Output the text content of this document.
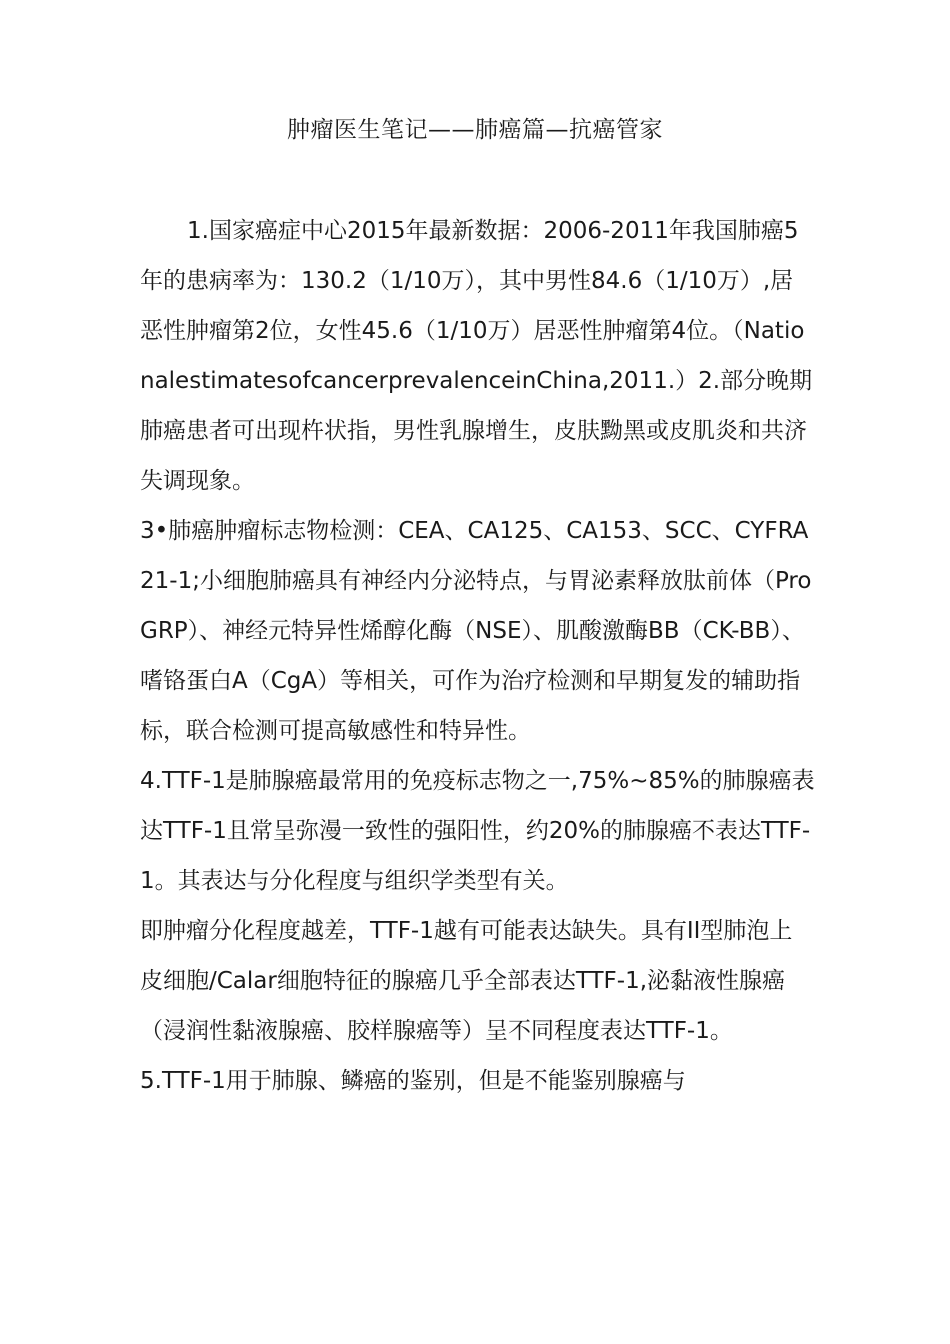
肿瘤医生笔记——肺癌篇—抗癌管家

1.国家癌症中心2015年最新数据：2006-2011年我国肺癌5年的患病率为：130.2（1/10万），其中男性84.6（1/10万）,居恶性肿瘤第2位，女性45.6（1/10万）居恶性肿瘤第4位。（NationalestimatesofcancerprevalenceinChina,2011.）2.部分晚期肺癌患者可出现杵状指，男性乳腺增生，皮肤黝黑或皮肌炎和共济失调现象。

3•肺癌肿瘤标志物检测：CEA、CA125、CA153、SCC、CYFRA21-1;小细胞肺癌具有神经内分泌特点，与胃泌素释放肽前体（ProGRP）、神经元特异性烯醇化酶（NSE）、肌酸激酶BB（CK-BB）、嗜铬蛋白A（CgA）等相关，可作为治疗检测和早期复发的辅助指标，联合检测可提高敏感性和特异性。

4.TTF-1是肺腺癌最常用的免疫标志物之一,75%~85%的肺腺癌表达TTF-1且常呈弥漫一致性的强阳性，约20%的肺腺癌不表达TTF-1。其表达与分化程度与组织学类型有关。

即肿瘤分化程度越差，TTF-1越有可能表达缺失。具有II型肺泡上皮细胞/Calar细胞特征的腺癌几乎全部表达TTF-1,泌黏液性腺癌（浸润性黏液腺癌、胶样腺癌等）呈不同程度表达TTF-1。

5.TTF-1用于肺腺、鳞癌的鉴别，但是不能鉴别腺癌与
